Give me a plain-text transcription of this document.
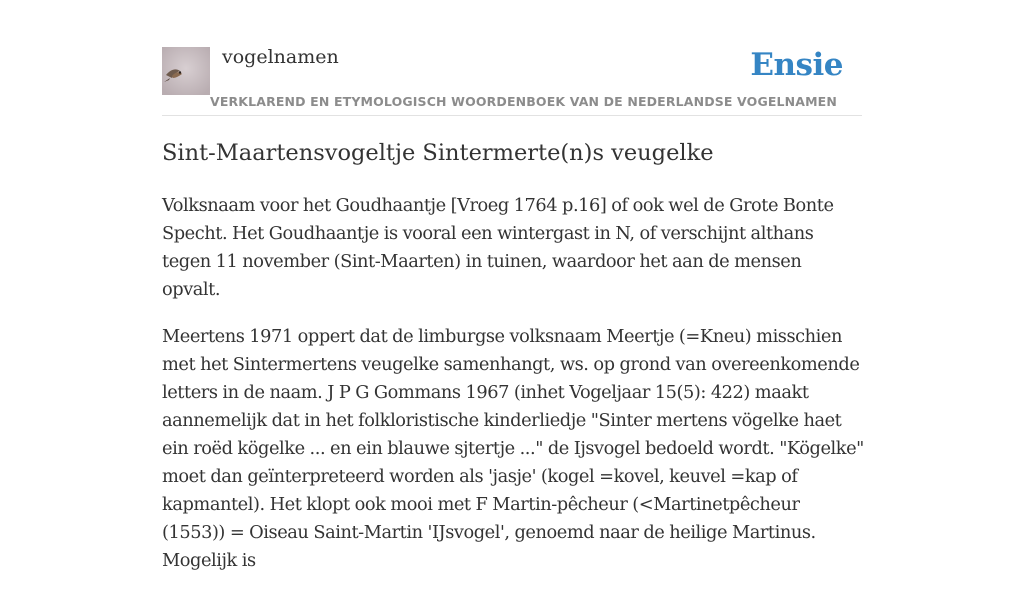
vogelnamen	Ensie
VERKLAREND EN ETYMOLOGISCH WOORDENBOEK VAN DE NEDERLANDSE VOGELNAMEN
Sint-Maartensvogeltje Sintermerte(n)s veugelke

Volksnaam voor het Goudhaantje [Vroeg 1764 p.16] of ook wel de Grote Bonte Specht. Het Goudhaantje is vooral een wintergast in N, of verschijnt althans tegen 11 november (Sint-Maarten) in tuinen, waardoor het aan de mensen opvalt.

Meertens 1971 oppert dat de limburgse volksnaam Meertje (=Kneu) misschien met het Sintermertens veugelke samenhangt, ws. op grond van overeenkomende letters in de naam. J P G Gommans 1967 (inhet Vogeljaar 15(5): 422) maakt aannemelijk dat in het folkloristische kinderliedje "Sinter mertens vögelke haet ein roëd kögelke ... en ein blauwe sjtertje ..." de Ijsvogel bedoeld wordt. "Kögelke" moet dan geïnterpreteerd worden als 'jasje' (kogel =kovel, keuvel =kap of kapmantel). Het klopt ook mooi met F Martin-pêcheur (<Martinetpêcheur (1553)) = Oiseau Saint-Martin 'IJsvogel', genoemd naar de heilige Martinus. Mogelijk is
